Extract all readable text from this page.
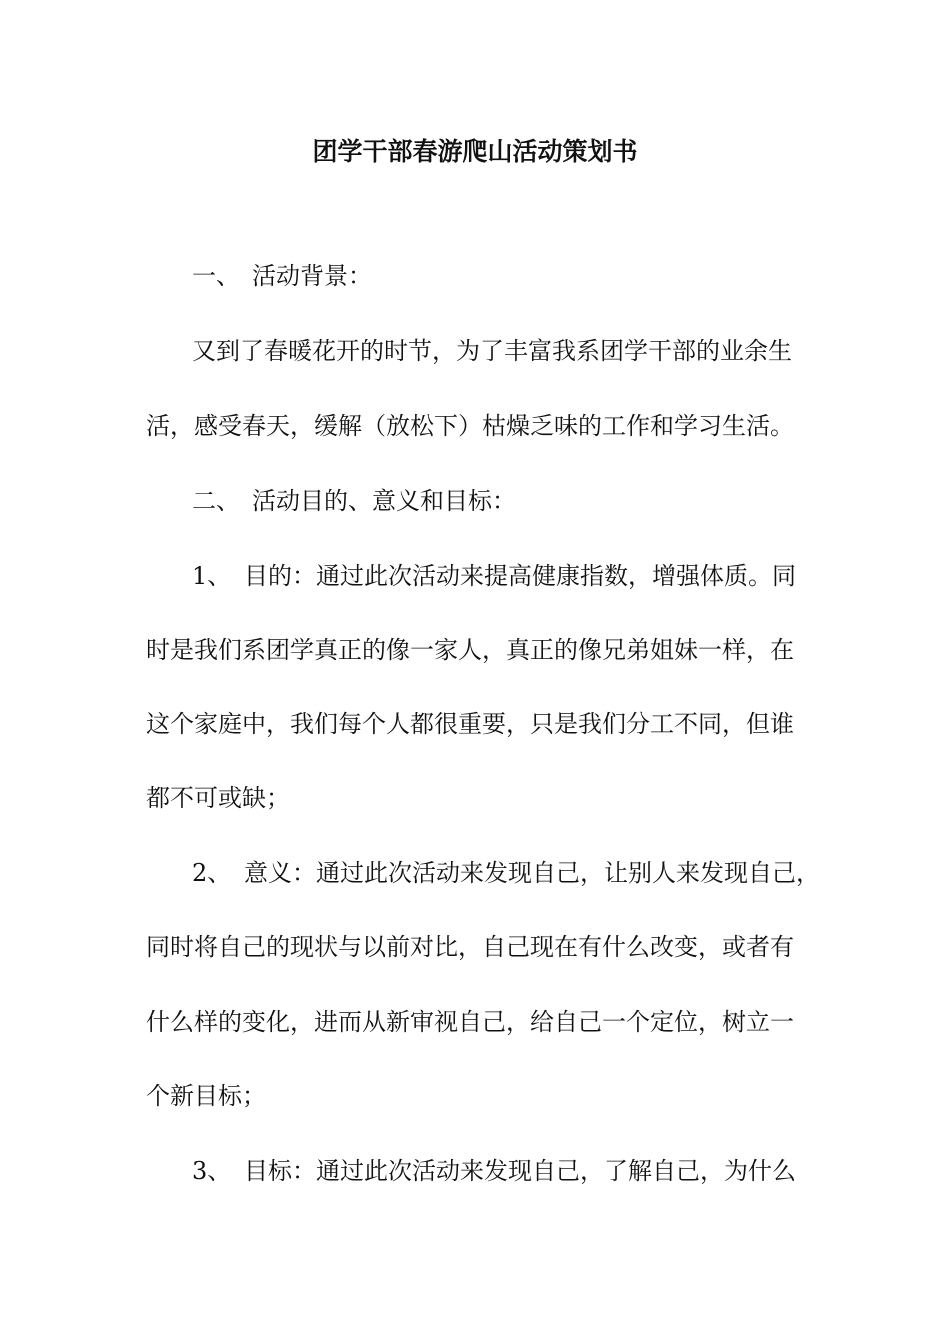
团学干部春游爬山活动策划书
一、 活动背景：
又到了春暖花开的时节，为了丰富我系团学干部的业余生
活，感受春天，缓解（放松下）枯燥乏味的工作和学习生活。
二、 活动目的、意义和目标：
1、 目的：通过此次活动来提高健康指数，增强体质。同
时是我们系团学真正的像一家人，真正的像兄弟姐妹一样，在
这个家庭中，我们每个人都很重要，只是我们分工不同，但谁
都不可或缺；
2、 意义：通过此次活动来发现自己，让别人来发现自己，
同时将自己的现状与以前对比，自己现在有什么改变，或者有
什么样的变化，进而从新审视自己，给自己一个定位，树立一
个新目标；
3、 目标：通过此次活动来发现自己，了解自己，为什么
